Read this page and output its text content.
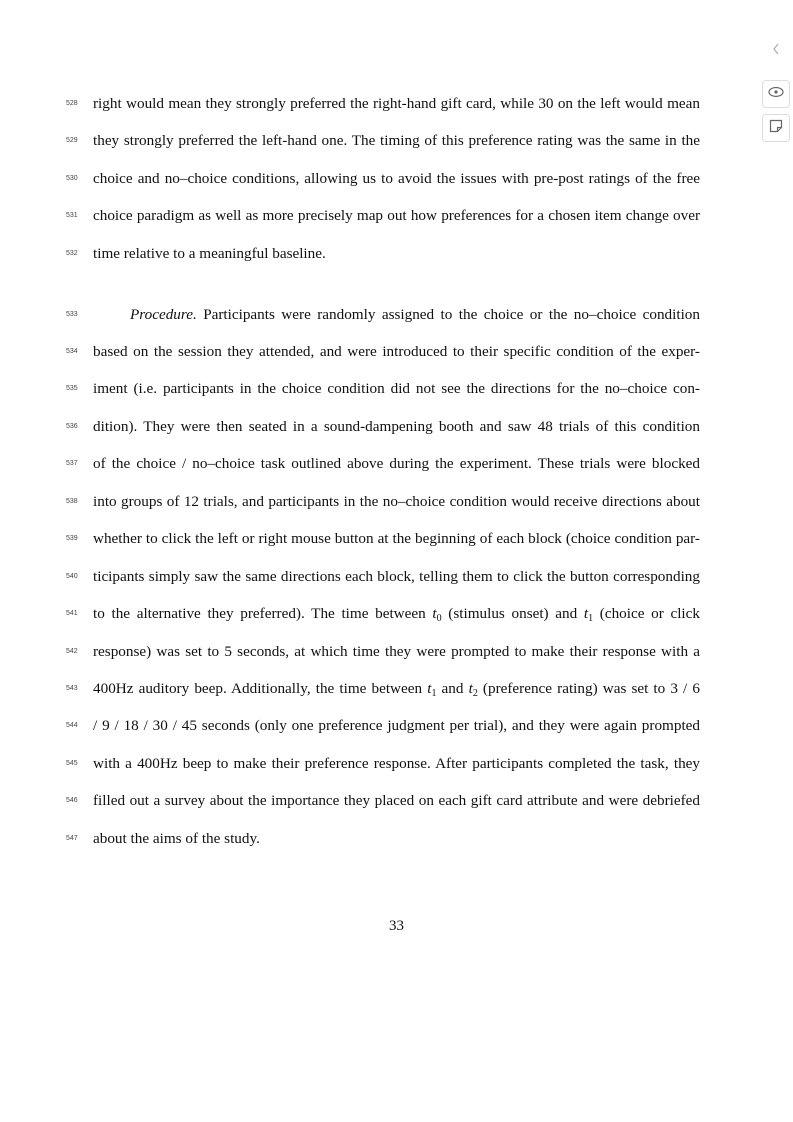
528 right would mean they strongly preferred the right-hand gift card, while 30 on the left would mean
529 they strongly preferred the left-hand one. The timing of this preference rating was the same in the
530 choice and no–choice conditions, allowing us to avoid the issues with pre-post ratings of the free
531 choice paradigm as well as more precisely map out how preferences for a chosen item change over
532 time relative to a meaningful baseline.
533	Procedure. Participants were randomly assigned to the choice or the no–choice condition
534 based on the session they attended, and were introduced to their specific condition of the exper-
535 iment (i.e. participants in the choice condition did not see the directions for the no–choice con-
536 dition). They were then seated in a sound-dampening booth and saw 48 trials of this condition
537 of the choice / no–choice task outlined above during the experiment. These trials were blocked
538 into groups of 12 trials, and participants in the no–choice condition would receive directions about
539 whether to click the left or right mouse button at the beginning of each block (choice condition par-
540 ticipants simply saw the same directions each block, telling them to click the button corresponding
541 to the alternative they preferred). The time between $t_0$ (stimulus onset) and $t_1$ (choice or click
542 response) was set to 5 seconds, at which time they were prompted to make their response with a
543 400Hz auditory beep. Additionally, the time between $t_1$ and $t_2$ (preference rating) was set to 3 / 6
544 / 9 / 18 / 30 / 45 seconds (only one preference judgment per trial), and they were again prompted
545 with a 400Hz beep to make their preference response. After participants completed the task, they
546 filled out a survey about the importance they placed on each gift card attribute and were debriefed
547 about the aims of the study.
33
